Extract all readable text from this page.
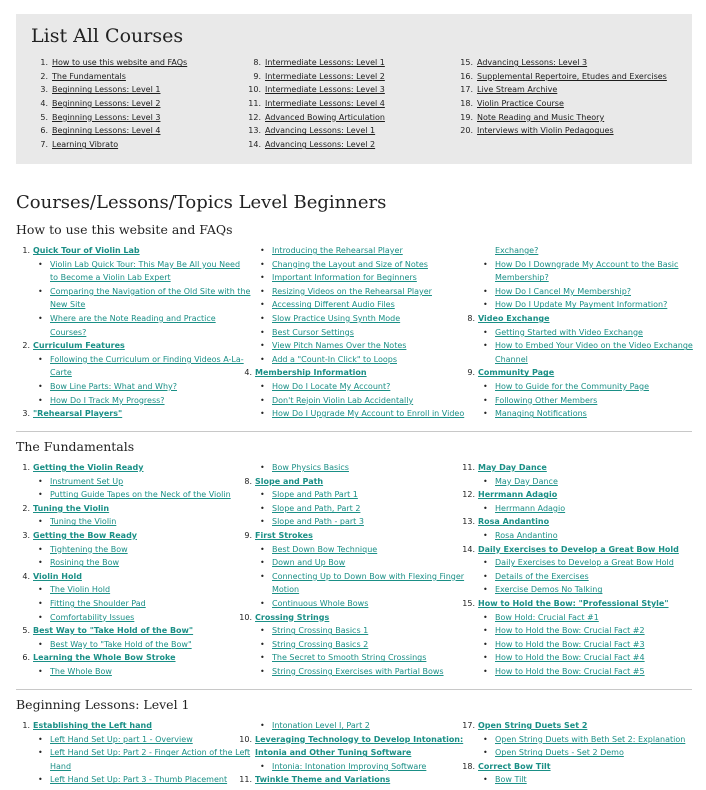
List All Courses
1. How to use this website and FAQs
2. The Fundamentals
3. Beginning Lessons: Level 1
4. Beginning Lessons: Level 2
5. Beginning Lessons: Level 3
6. Beginning Lessons: Level 4
7. Learning Vibrato
8. Intermediate Lessons: Level 1
9. Intermediate Lessons: Level 2
10. Intermediate Lessons: Level 3
11. Intermediate Lessons: Level 4
12. Advanced Bowing Articulation
13. Advancing Lessons: Level 1
14. Advancing Lessons: Level 2
15. Advancing Lessons: Level 3
16. Supplemental Repertoire, Etudes and Exercises
17. Live Stream Archive
18. Violin Practice Course
19. Note Reading and Music Theory
20. Interviews with Violin Pedagogues
Courses/Lessons/Topics Level Beginners
How to use this website and FAQs
1. Quick Tour of Violin Lab
• Violin Lab Quick Tour: This May Be All you Need
to Become a Violin Lab Expert
• Comparing the Navigation of the Old Site with the
New Site
• Where are the Note Reading and Practice
Courses?
2. Curriculum Features
• Following the Curriculum or Finding Videos A-La-
Carte
• Bow Line Parts: What and Why?
• How Do I Track My Progress?
3. "Rehearsal Players"
• Introducing the Rehearsal Player
• Changing the Layout and Size of Notes
• Important Information for Beginners
• Resizing Videos on the Rehearsal Player
• Accessing Different Audio Files
• Slow Practice Using Synth Mode
• Best Cursor Settings
• View Pitch Names Over the Notes
• Add a "Count-In Click" to Loops
4. Membership Information
• How Do I Locate My Account?
• Don't Rejoin Violin Lab Accidentally
• How Do I Upgrade My Account to Enroll in Video
Exchange?
• How Do I Downgrade My Account to the Basic
Membership?
• How Do I Cancel My Membership?
• How Do I Update My Payment Information?
8. Video Exchange
• Getting Started with Video Exchange
• How to Embed Your Video on the Video Exchange
Channel
9. Community Page
• How to Guide for the Community Page
• Following Other Members
• Managing Notifications
The Fundamentals
1. Getting the Violin Ready
• Instrument Set Up
• Putting Guide Tapes on the Neck of the Violin
2. Tuning the Violin
• Tuning the Violin
3. Getting the Bow Ready
• Tightening the Bow
• Rosining the Bow
4. Violin Hold
• The Violin Hold
• Fitting the Shoulder Pad
• Comfortability Issues
5. Best Way to "Take Hold of the Bow"
• Best Way to "Take Hold of the Bow"
6. Learning the Whole Bow Stroke
• The Whole Bow
• Bow Physics Basics
8. Slope and Path
• Slope and Path Part 1
• Slope and Path, Part 2
• Slope and Path - part 3
9. First Strokes
• Best Down Bow Technique
• Down and Up Bow
• Connecting Up to Down Bow with Flexing Finger
Motion
• Continuous Whole Bows
10. Crossing Strings
• String Crossing Basics 1
• String Crossing Basics 2
• The Secret to Smooth String Crossings
• String Crossing Exercises with Partial Bows
11. May Day Dance
• May Day Dance
12. Herrmann Adagio
• Herrmann Adagio
13. Rosa Andantino
• Rosa Andantino
14. Daily Exercises to Develop a Great Bow Hold
• Daily Exercises to Develop a Great Bow Hold
• Details of the Exercises
• Exercise Demos No Talking
15. How to Hold the Bow: "Professional Style"
• Bow Hold: Crucial Fact #1
• How to Hold the Bow: Crucial Fact #2
• How to Hold the Bow: Crucial Fact #3
• How to Hold the Bow: Crucial Fact #4
• How to Hold the Bow: Crucial Fact #5
Beginning Lessons: Level 1
1. Establishing the Left hand
• Left Hand Set Up: part 1 - Overview
• Left Hand Set Up: Part 2 - Finger Action of the Left
Hand
• Left Hand Set Up: Part 3 - Thumb Placement
• Intonation Level I, Part 2
10. Leveraging Technology to Develop Intonation:
Intonia and Other Tuning Software
• Intonia: Intonation Improving Software
11. Twinkle Theme and Variations
17. Open String Duets Set 2
• Open String Duets with Beth Set 2: Explanation
• Open String Duets - Set 2 Demo
18. Correct Bow Tilt
• Bow Tilt
